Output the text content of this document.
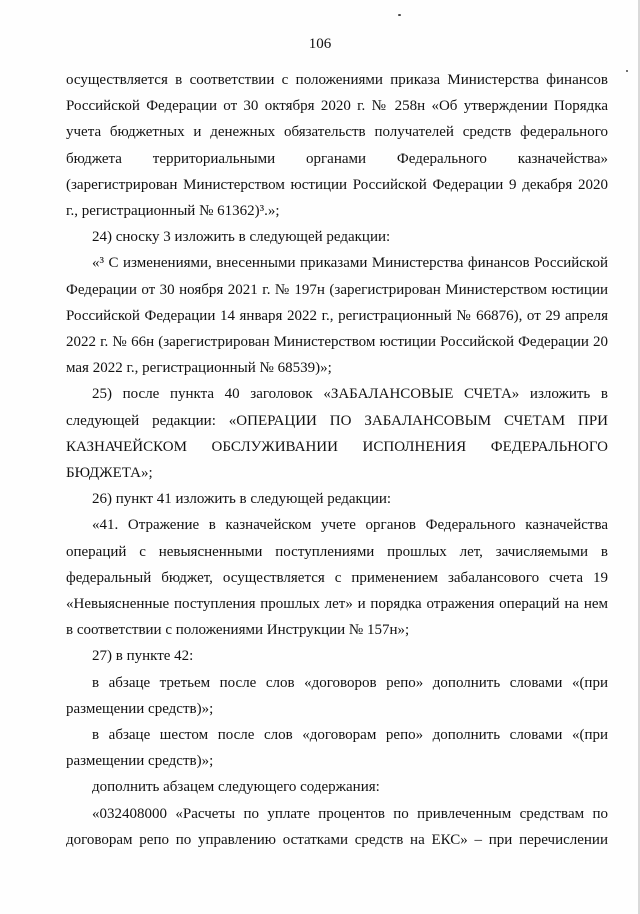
106

осуществляется в соответствии с положениями приказа Министерства финансов Российской Федерации от 30 октября 2020 г. № 258н «Об утверждении Порядка учета бюджетных и денежных обязательств получателей средств федерального бюджета территориальными органами Федерального казначейства» (зарегистрирован Министерством юстиции Российской Федерации 9 декабря 2020 г., регистрационный № 61362)³.»;

24) сноску 3 изложить в следующей редакции:

«³ С изменениями, внесенными приказами Министерства финансов Российской Федерации от 30 ноября 2021 г. № 197н (зарегистрирован Министерством юстиции Российской Федерации 14 января 2022 г., регистрационный № 66876), от 29 апреля 2022 г. № 66н (зарегистрирован Министерством юстиции Российской Федерации 20 мая 2022 г., регистрационный № 68539)»;

25) после пункта 40 заголовок «ЗАБАЛАНСОВЫЕ СЧЕТА» изложить в следующей редакции: «ОПЕРАЦИИ ПО ЗАБАЛАНСОВЫМ СЧЕТАМ ПРИ КАЗНАЧЕЙСКОМ ОБСЛУЖИВАНИИ ИСПОЛНЕНИЯ ФЕДЕРАЛЬНОГО БЮДЖЕТА»;

26) пункт 41 изложить в следующей редакции:

«41. Отражение в казначейском учете органов Федерального казначейства операций с невыясненными поступлениями прошлых лет, зачисляемыми в федеральный бюджет, осуществляется с применением забалансового счета 19 «Невыясненные поступления прошлых лет» и порядка отражения операций на нем в соответствии с положениями Инструкции № 157н»;

27) в пункте 42:

в абзаце третьем после слов «договоров репо» дополнить словами «(при размещении средств)»;

в абзаце шестом после слов «договорам репо» дополнить словами «(при размещении средств)»;

дополнить абзацем следующего содержания:

«032408000 «Расчеты по уплате процентов по привлеченным средствам по договорам репо по управлению остатками средств на ЕКС» – при перечислении
